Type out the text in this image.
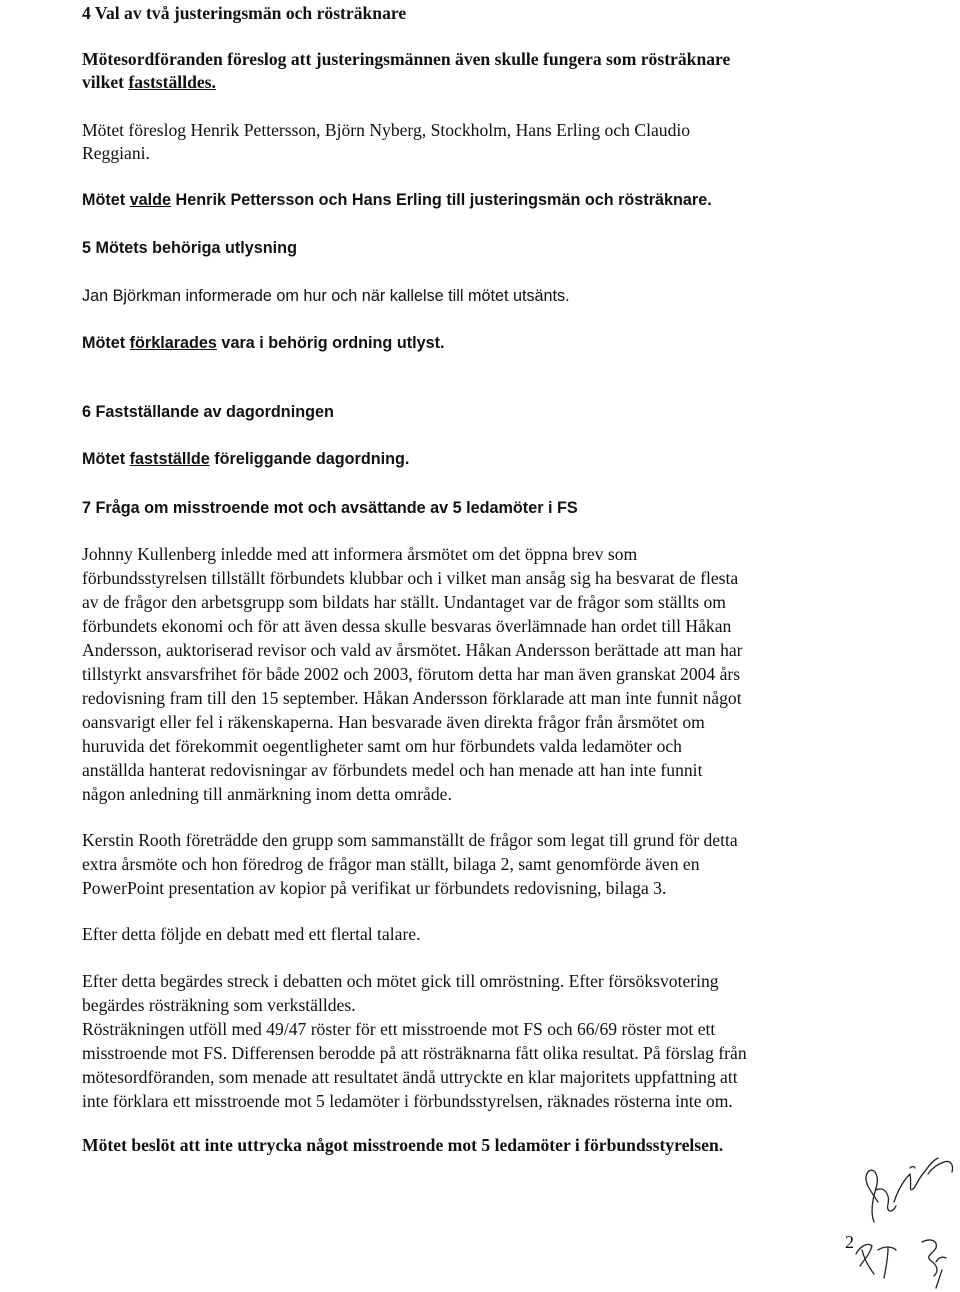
4 Val av två justeringsmän och rösträknare
Mötesordföranden föreslog att justeringsmännen även skulle fungera som rösträknare
vilket fastställdes.
Mötet föreslog Henrik Pettersson, Björn Nyberg, Stockholm, Hans Erling och Claudio
Reggiani.
Mötet valde Henrik Pettersson och Hans Erling till justeringsmän och rösträknare.
5 Mötets behöriga utlysning
Jan Björkman informerade om hur och när kallelse till mötet utsänts.
Mötet förklarades vara i behörig ordning utlyst.
6 Fastställande av dagordningen
Mötet fastställde föreliggande dagordning.
7 Fråga om misstroende mot och avsättande av 5 ledamöter i FS
Johnny Kullenberg inledde med att informera årsmötet om det öppna brev som
förbundsstyrelsen tillställt förbundets klubbar och i vilket man ansåg sig ha besvarat de flesta
av de frågor den arbetsgrupp som bildats har ställt. Undantaget var de frågor som ställts om
förbundets ekonomi och för att även dessa skulle besvaras överlämnade han ordet till Håkan
Andersson, auktoriserad revisor och vald av årsmötet. Håkan Andersson berättade att man har
tillstyrkt ansvarsfrihet för både 2002 och 2003, förutom detta har man även granskat 2004 års
redovisning fram till den 15 september. Håkan Andersson förklarade att man inte funnit något
oansvarigt eller fel i räkenskaperna. Han besvarade även direkta frågor från årsmötet om
huruvida det förekommit oegentligheter samt om hur förbundets valda ledamöter och
anställda hanterat redovisningar av förbundets medel och han menade att han inte funnit
någon anledning till anmärkning inom detta område.
Kerstin Rooth företrädde den grupp som sammanställt de frågor som legat till grund för detta
extra årsmöte och hon föredrog de frågor man ställt, bilaga 2, samt genomförde även en
PowerPoint presentation av kopior på verifikat ur förbundets redovisning, bilaga 3.
Efter detta följde en debatt med ett flertal talare.
Efter detta begärdes streck i debatten och mötet gick till omröstning. Efter försöksvotering
begärdes rösträkning som verkställdes.
Rösträkningen utföll med 49/47 röster för ett misstroende mot FS och 66/69 röster mot ett
misstroende mot FS. Differensen berodde på att rösträknarna fått olika resultat. På förslag från
mötesordföranden, som menade att resultatet ändå uttryckte en klar majoritets uppfattning att
inte förklara ett misstroende mot 5 ledamöter i förbundsstyrelsen, räknades rösterna inte om.
Mötet beslöt att inte uttrycka något misstroende mot 5 ledamöter i förbundsstyrelsen.
2
